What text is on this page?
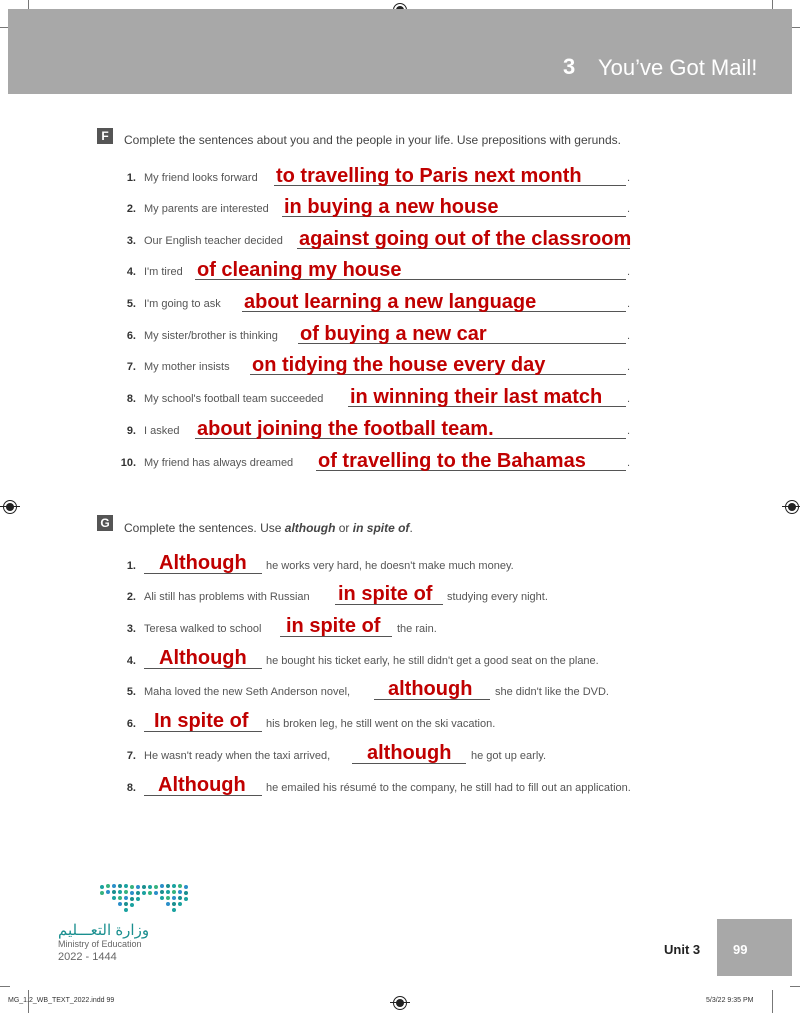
3 You’ve Got Mail!
F	Complete the sentences about you and the people in your life. Use prepositions with gerunds.
1. My friend looks forward to travelling to Paris next month	.
2. My parents are interested in buying a new house	.
3. Our English teacher decided against going out of the classroom
4. I'm tired of cleaning my house	.
5. I'm going to ask about learning a new language	.
6. My sister/brother is thinking of buying a new car	.
7. My mother insists on tidying the house every day	.
8. My school's football team succeeded in winning their last match .
9. I asked about joining the football team.	.
10. My friend has always dreamed of travelling to the Bahamas	.
G Complete the sentences. Use although or in spite of.
1. Although he works very hard, he doesn't make much money.
2. Ali still has problems with Russian in spite of studying every night.
3. Teresa walked to school in spite of the rain.
4. Although he bought his ticket early, he still didn't get a good seat on the plane.
5. Maha loved the new Seth Anderson novel, although she didn't like the DVD.
6. In spite of his broken leg, he still went on the ski vacation.
7. He wasn't ready when the taxi arrived, although he got up early.
8. Although he emailed his résumé to the company, he still had to fill out an application.
وزارة التعـــليم
Ministry of Education
2022 - 1444	Unit 3	99
MG_1.2_WB_TEXT_2022.indd 99	5/3/22 9:35 PM
